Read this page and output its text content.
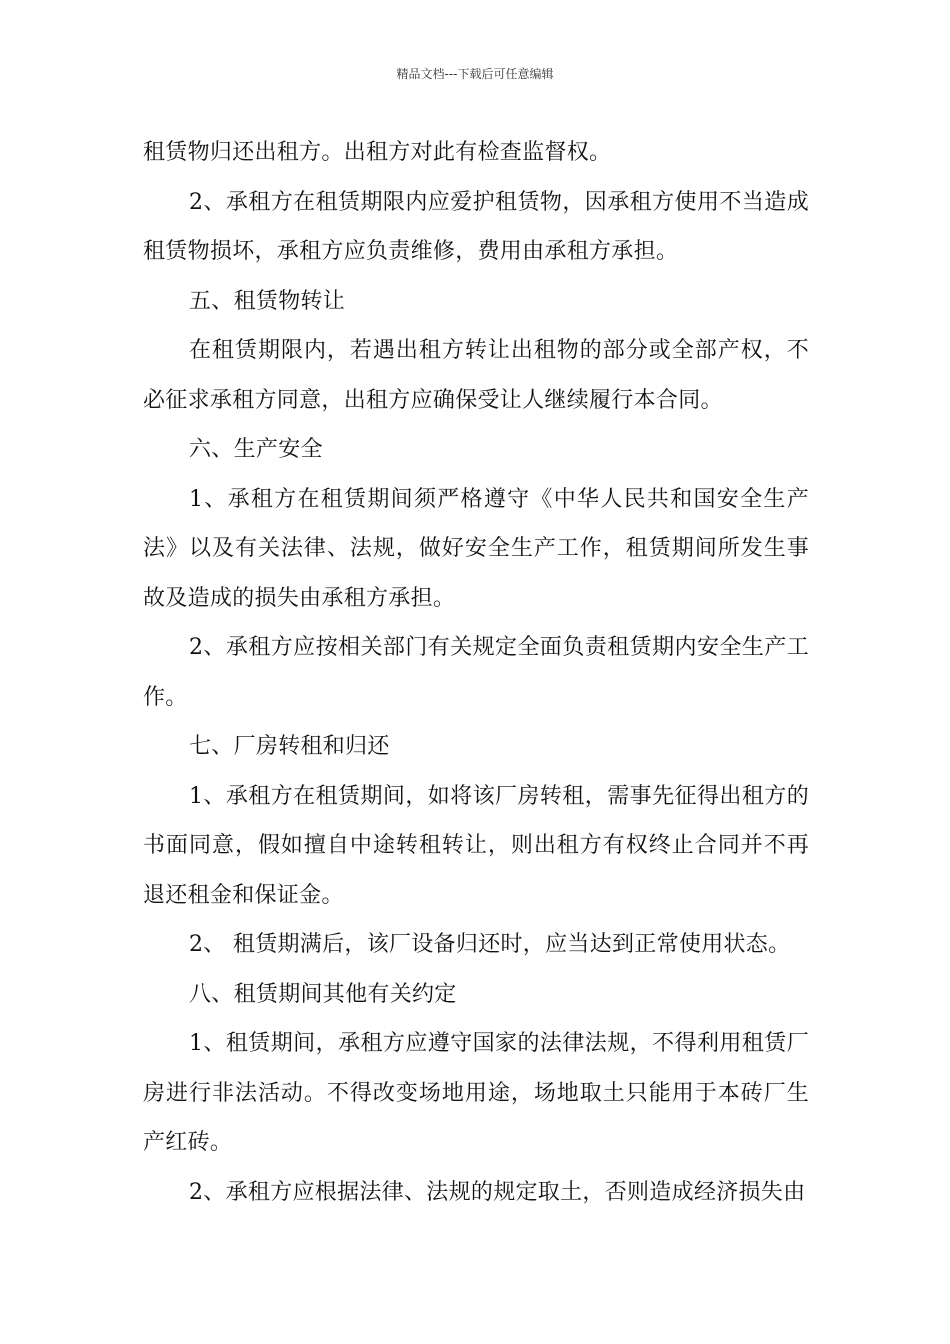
精品文档---下载后可任意编辑

租赁物归还出租方。出租方对此有检查监督权。

2、承租方在租赁期限内应爱护租赁物，因承租方使用不当造成租赁物损坏，承租方应负责维修，费用由承租方承担。

五、租赁物转让

在租赁期限内，若遇出租方转让出租物的部分或全部产权，不必征求承租方同意，出租方应确保受让人继续履行本合同。

六、生产安全

1、承租方在租赁期间须严格遵守《中华人民共和国安全生产法》以及有关法律、法规，做好安全生产工作，租赁期间所发生事故及造成的损失由承租方承担。

2、承租方应按相关部门有关规定全面负责租赁期内安全生产工作。

七、厂房转租和归还

1、承租方在租赁期间，如将该厂房转租，需事先征得出租方的书面同意，假如擅自中途转租转让，则出租方有权终止合同并不再退还租金和保证金。

2、 租赁期满后，该厂设备归还时，应当达到正常使用状态。

八、租赁期间其他有关约定

1、租赁期间，承租方应遵守国家的法律法规，不得利用租赁厂房进行非法活动。不得改变场地用途，场地取土只能用于本砖厂生产红砖。

2、承租方应根据法律、法规的规定取土，否则造成经济损失由
